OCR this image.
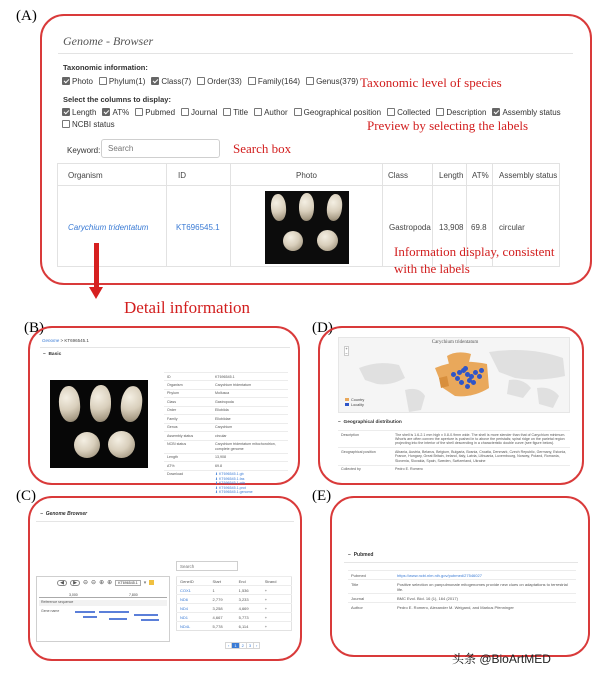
(A)
Genome - Browser
Taxonomic information:
Photo Phylum(1) Class(7) Order(33) Family(164) Genus(379) Taxonomic level of species
Select the columns to display:
Length AT% Pubmed Journal Title Author Geographical position Collected Description Assembly status
NCBI status	Preview by selecting the labels
Keyword:
Search	Search box
Organism	ID	Photo	Class	Length AT% Assembly status
Carychium tridentatum	KT696545.1	Gastropoda 13,908 69.8 circular
Information display, consistent
with the labels
Detail information
(B)
Genome > KT696545.1
−  Basic
ID	KT696545.1
Organism	Carychium tridentatum
Phylum	Mollusca
Class	Gastropoda
Order	Ellobiida
Family	Ellobiidae
Genus	Carychium
Assembly status	circular
NCBI status	Carychium tridentatum mitochondrion, complete genome
Length	13,908
AT%	69.8
Download	⬇ KT696545.1.gb
⬇ KT696545.1.fas
⬇ KT696545.1.cds
⬇ KT696545.1.prot
⬇ KT696545.1.genome
(D)
Carychium tridentatum
+
−
Country
Locality
−  Geographical distribution
Description	The shell is 1.6-2.1 mm high x 0.8-0.9mm wide. The shell is more slender than that of Carychium minimum. Whorls are often convex the aperture is pushed in to above the peristalis; spiral ridge on the parietal region projecting into the interior of the shell descending in a characteristic double curve (see figure below).
Geographical position	Albania, Austria, Belarus, Belgium, Bulgaria, Bosnia, Croatia, Denmark, Czech Republic, Germany, Estonia, France, Hungary, Great Britain, Ireland, Italy, Latvia, Lithuania, Luxembourg, Norway, Poland, Romania, Slovenia, Slovakia, Spain, Sweden, Switzerland, Ukraine
Collected by	Pedro E. Romero
(C)
−  Genome Browser
◀	▶	⊖ ⊖ ⊕ ⊕	KT696545.1	▾
3,000	7,800
Reference sequence
Gene name
Search
GeneID	Start	End	Strand
COX1	1	1,536	+
ND6	2,779	3,233	+
ND4	3,258	4,669	+
ND1	4,667	5,773	+
ND4L	5,778	6,114	+
‹	1	2	3	›
(E)
−  Pubmed
Pubmed	https://www.ncbi.nlm.nih.gov/pubmed/27546027
Title	Positive selection on panpulmonate mitogenomes provide new clues on adaptations to terrestrial life.
Journal	BMC Evol. Biol. 16 (1), 164 (2017)
Author	Pedro E. Romero, Alexander M. Weigand, and Markus Pfenninger
头条 @BioArtMED
